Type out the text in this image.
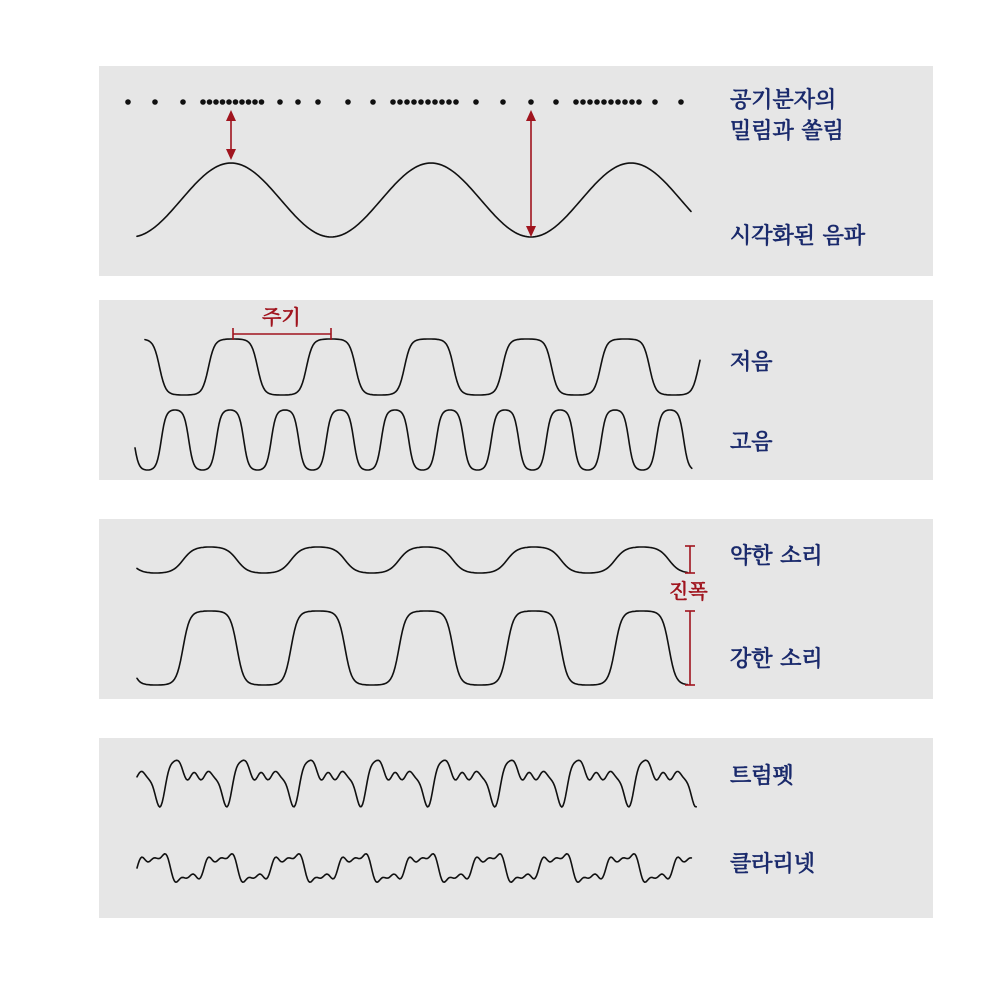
공기분자의
밀림과 쏠림
시각화된 음파
주기
저음
고음
약한 소리
진폭
강한 소리
트럼펫
클라리넷
